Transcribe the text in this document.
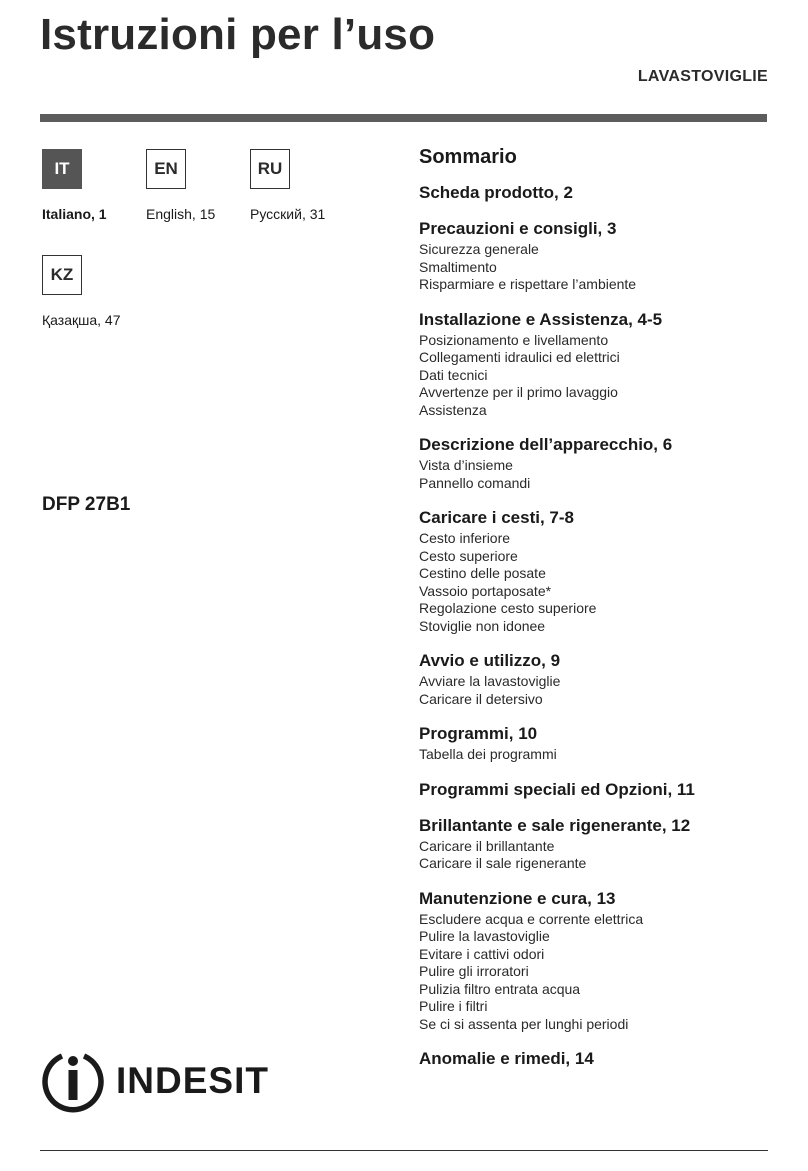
Istruzioni per l’uso
LAVASTOVIGLIE
IT
Italiano, 1
EN
English, 15
RU
Русский, 31
KZ
Қазақша, 47
DFP 27B1
Sommario
Scheda prodotto, 2
Precauzioni e consigli, 3
Sicurezza generale
Smaltimento
Risparmiare e rispettare l’ambiente
Installazione e Assistenza, 4-5
Posizionamento e livellamento
Collegamenti idraulici ed elettrici
Dati tecnici
Avvertenze per il primo lavaggio
Assistenza
Descrizione dell’apparecchio, 6
Vista d’insieme
Pannello comandi
Caricare i cesti, 7-8
Cesto inferiore
Cesto superiore
Cestino delle posate
Vassoio portaposate*
Regolazione cesto superiore
Stoviglie non idonee
Avvio e utilizzo, 9
Avviare la lavastoviglie
Caricare il detersivo
Programmi, 10
Tabella dei programmi
Programmi speciali ed Opzioni, 11
Brillantante e sale rigenerante, 12
Caricare il brillantante
Caricare il sale rigenerante
Manutenzione e cura, 13
Escludere acqua e corrente elettrica
Pulire la lavastoviglie
Evitare i cattivi odori
Pulire gli irroratori
Pulizia filtro entrata acqua
Pulire i filtri
Se ci si assenta per lunghi periodi
Anomalie e rimedi, 14
INDESIT
